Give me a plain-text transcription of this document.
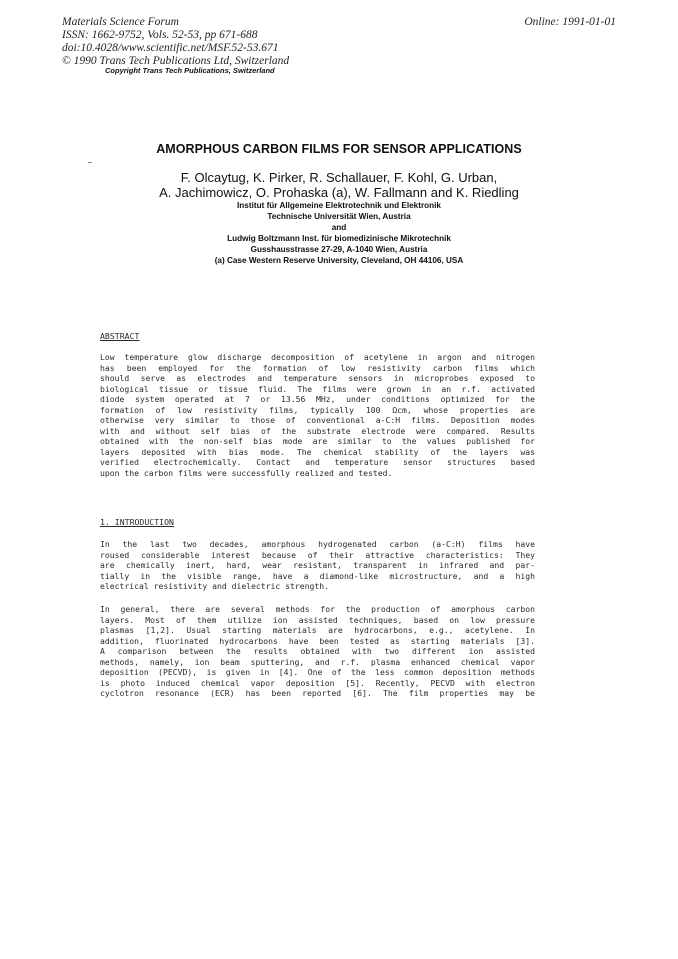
Materials Science Forum
ISSN: 1662-9752, Vols. 52-53, pp 671-688
doi:10.4028/www.scientific.net/MSF.52-53.671
© 1990 Trans Tech Publications Ltd, Switzerland
Online: 1991-01-01
Copyright Trans Tech Publications, Switzerland
AMORPHOUS CARBON FILMS FOR SENSOR APPLICATIONS
F. Olcaytug, K. Pirker, R. Schallauer, F. Kohl, G. Urban,
A. Jachimowicz, O. Prohaska (a), W. Fallmann and K. Riedling
Institut für Allgemeine Elektrotechnik und Elektronik
Technische Universität Wien, Austria
and
Ludwig Boltzmann Inst. für biomedizinische Mikrotechnik
Gusshausstrasse 27-29, A-1040 Wien, Austria
(a) Case Western Reserve University, Cleveland, OH 44106, USA
ABSTRACT
Low temperature glow discharge decomposition of acetylene in argon and nitrogen
has been employed for the formation of low resistivity carbon films which
should serve as electrodes and temperature sensors in microprobes exposed to
biological tissue or tissue fluid. The films were grown in an r.f. activated
diode system operated at 7 or 13.56 MHz, under conditions optimized for the
formation of low resistivity films, typically 100 Ωcm, whose properties are
otherwise very similar to those of conventional a-C:H films. Deposition modes
with and without self bias of the substrate electrode were compared. Results
obtained with the non-self bias mode are similar to the values published for
layers deposited with bias mode. The chemical stability of the layers was
verified electrochemically. Contact and temperature sensor structures based
upon the carbon films were successfully realized and tested.
1. INTRODUCTION
In the last two decades, amorphous hydrogenated carbon (a-C:H) films have
roused considerable interest because of their attractive characteristics: They
are chemically inert, hard, wear resistant, transparent in infrared and par-
tially in the visible range, have a diamond-like microstructure, and a high
electrical resistivity and dielectric strength.
In general, there are several methods for the production of amorphous carbon
layers. Most of them utilize ion assisted techniques, based on low pressure
plasmas [1,2]. Usual starting materials are hydrocarbons, e.g., acetylene. In
addition, fluorinated hydrocarbons have been tested as starting materials [3].
A comparison between the results obtained with two different ion assisted
methods, namely, ion beam sputtering, and r.f. plasma enhanced chemical vapor
deposition (PECVD), is given in [4]. One of the less common deposition methods
is photo induced chemical vapor deposition [5]. Recently, PECVD with electron
cyclotron resonance (ECR) has been reported [6]. The film properties may be
